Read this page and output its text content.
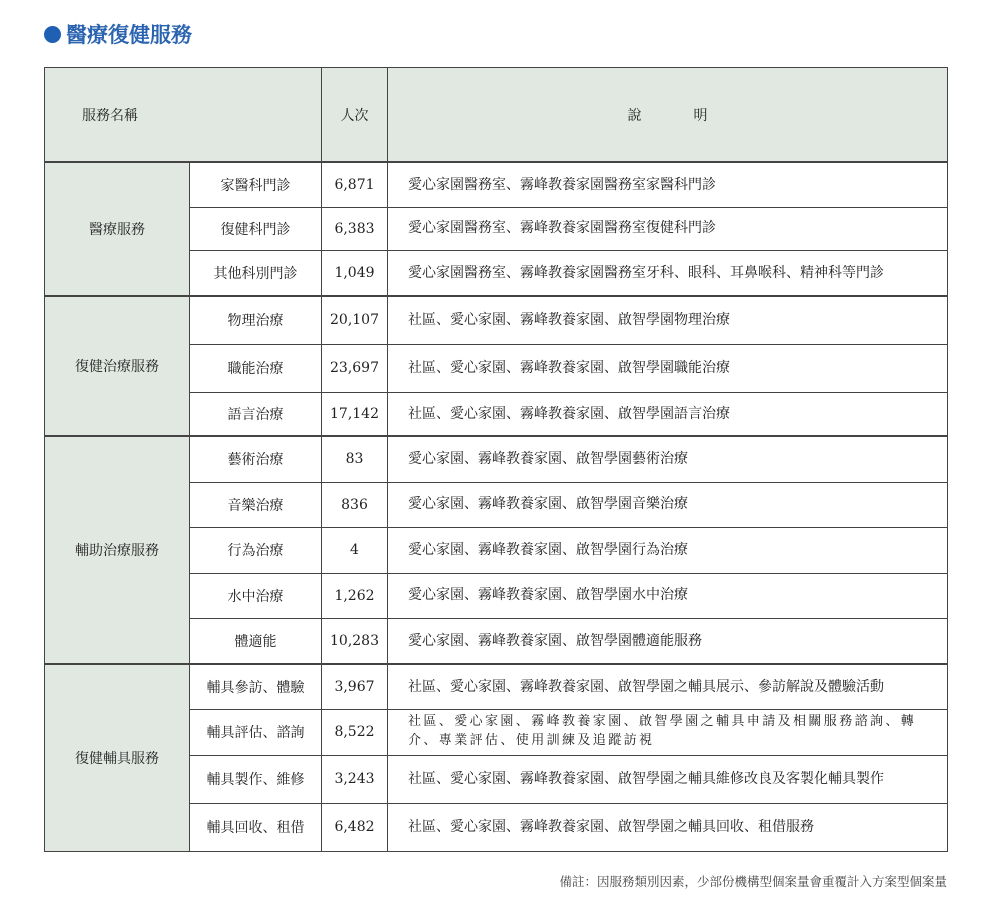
醫療復健服務
服務名稱		人次	說 明
醫療服務	家醫科門診	6,871	愛心家園醫務室、霧峰教養家園醫務室家醫科門診
	復健科門診	6,383	愛心家園醫務室、霧峰教養家園醫務室復健科門診
	其他科別門診	1,049	愛心家園醫務室、霧峰教養家園醫務室牙科、眼科、耳鼻喉科、精神科等門診
復健治療服務	物理治療	20,107	社區、愛心家園、霧峰教養家園、啟智學園物理治療
	職能治療	23,697	社區、愛心家園、霧峰教養家園、啟智學園職能治療
	語言治療	17,142	社區、愛心家園、霧峰教養家園、啟智學園語言治療
輔助治療服務	藝術治療	83	愛心家園、霧峰教養家園、啟智學園藝術治療
	音樂治療	836	愛心家園、霧峰教養家園、啟智學園音樂治療
	行為治療	4	愛心家園、霧峰教養家園、啟智學園行為治療
	水中治療	1,262	愛心家園、霧峰教養家園、啟智學園水中治療
	體適能	10,283	愛心家園、霧峰教養家園、啟智學園體適能服務
復健輔具服務	輔具參訪、體驗	3,967	社區、愛心家園、霧峰教養家園、啟智學園之輔具展示、參訪解說及體驗活動
	輔具評估、諮詢	8,522	社區、愛心家園、霧峰教養家園、啟智學園之輔具申請及相關服務諮詢、轉介、專業評估、使用訓練及追蹤訪視
	輔具製作、維修	3,243	社區、愛心家園、霧峰教養家園、啟智學園之輔具維修改良及客製化輔具製作
	輔具回收、租借	6,482	社區、愛心家園、霧峰教養家園、啟智學園之輔具回收、租借服務
備註：因服務類別因素，少部份機構型個案量會重覆計入方案型個案量
